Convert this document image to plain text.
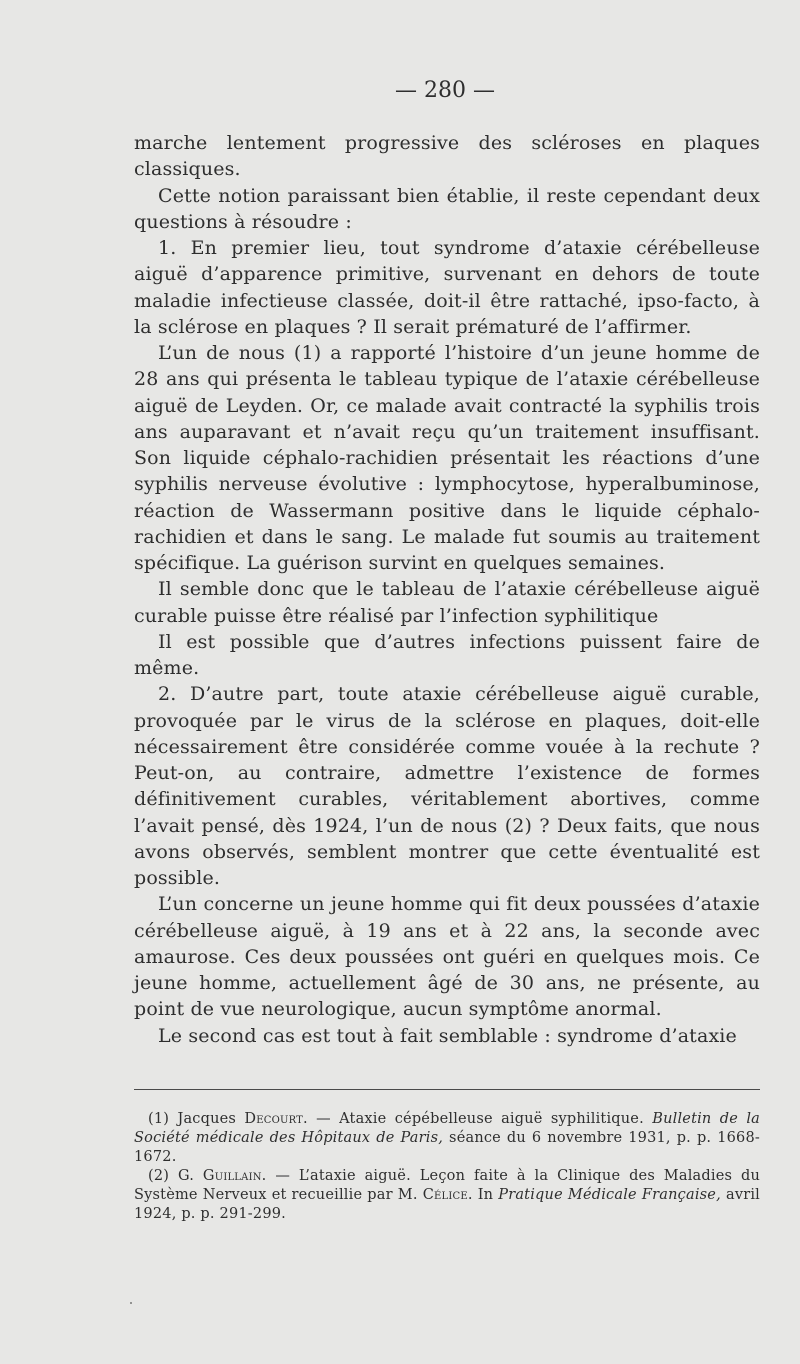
— 280 —

marche lentement progressive des scléroses en plaques classiques.

Cette notion paraissant bien établie, il reste cependant deux questions à résoudre :

1. En premier lieu, tout syndrome d’ataxie cérébelleuse aiguë d’apparence primitive, survenant en dehors de toute maladie infectieuse classée, doit-il être rattaché, ipso-facto, à la sclérose en plaques ? Il serait prématuré de l’affirmer.

L’un de nous (1) a rapporté l’histoire d’un jeune homme de 28 ans qui présenta le tableau typique de l’ataxie cérébelleuse aiguë de Leyden. Or, ce malade avait contracté la syphilis trois ans auparavant et n’avait reçu qu’un traitement insuffisant. Son liquide céphalo-rachidien présentait les réactions d’une syphilis nerveuse évolutive : lymphocytose, hyperalbuminose, réaction de Wassermann positive dans le liquide céphalo-rachidien et dans le sang. Le malade fut soumis au traitement spécifique. La guérison survint en quelques semaines.

Il semble donc que le tableau de l’ataxie cérébelleuse aiguë curable puisse être réalisé par l’infection syphilitique

Il est possible que d’autres infections puissent faire de même.

2. D’autre part, toute ataxie cérébelleuse aiguë curable, provoquée par le virus de la sclérose en plaques, doit-elle nécessairement être considérée comme vouée à la rechute ? Peut-on, au contraire, admettre l’existence de formes définitivement curables, véritablement abortives, comme l’avait pensé, dès 1924, l’un de nous (2) ? Deux faits, que nous avons observés, semblent montrer que cette éventualité est possible.

L’un concerne un jeune homme qui fit deux poussées d’ataxie cérébelleuse aiguë, à 19 ans et à 22 ans, la seconde avec amaurose. Ces deux poussées ont guéri en quelques mois. Ce jeune homme, actuellement âgé de 30 ans, ne présente, au point de vue neurologique, aucun symptôme anormal.

Le second cas est tout à fait semblable : syndrome d’ataxie

(1) Jacques Decourt. — Ataxie cépébelleuse aiguë syphilitique. Bulletin de la Société médicale des Hôpitaux de Paris, séance du 6 novembre 1931, p. p. 1668-1672.

(2) G. Guillain. — L’ataxie aiguë. Leçon faite à la Clinique des Maladies du Système Nerveux et recueillie par M. Célice. In Pratique Médicale Française, avril 1924, p. p. 291-299.
